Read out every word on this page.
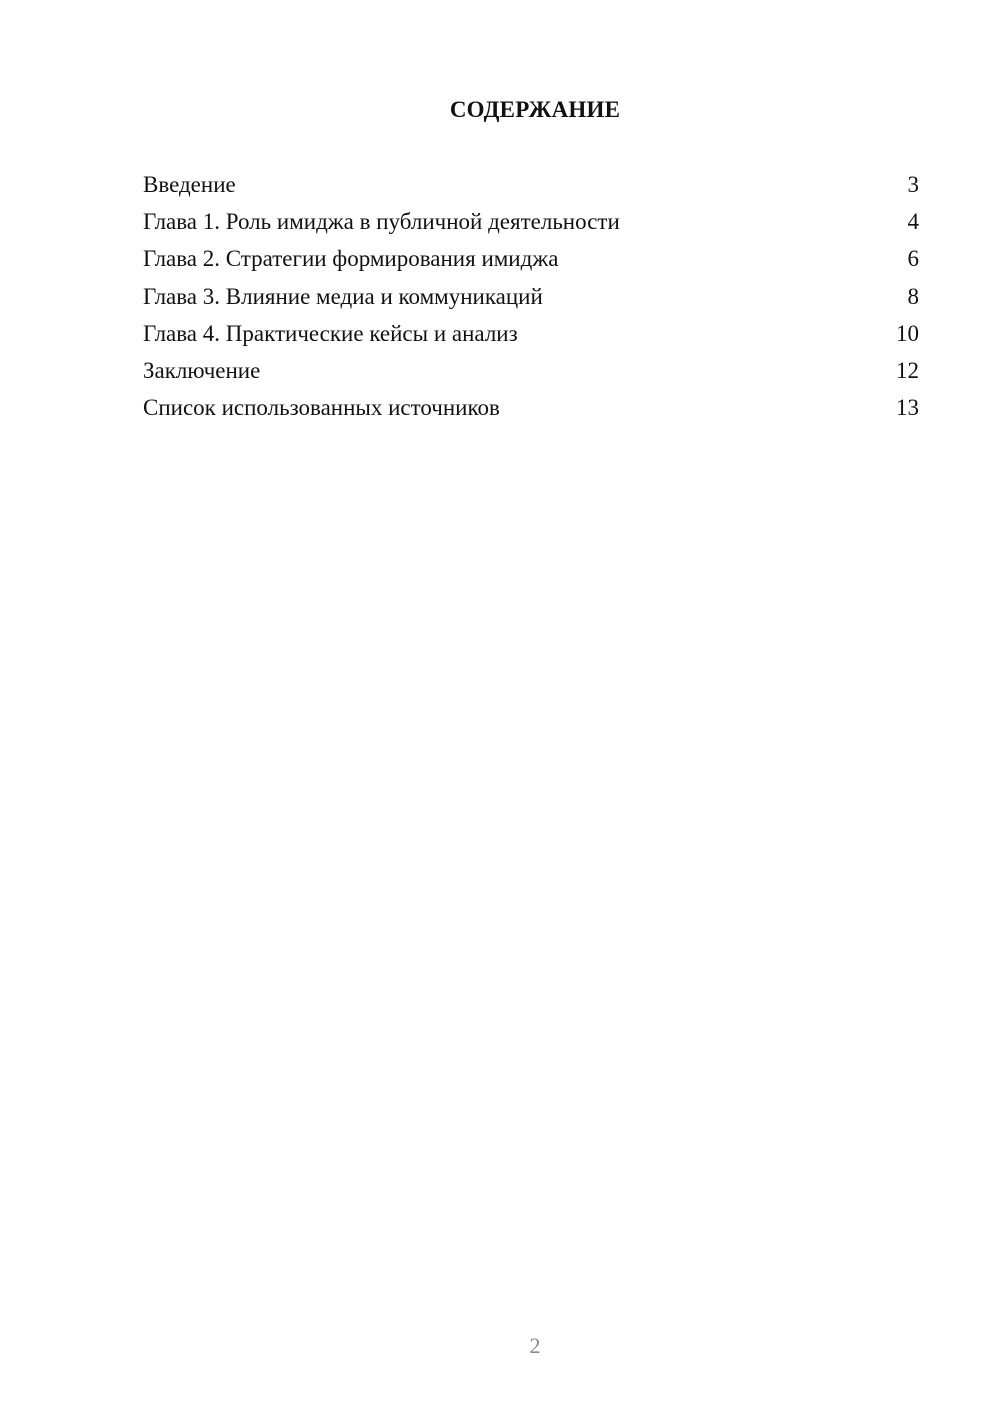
СОДЕРЖАНИЕ
Введение	3
Глава 1. Роль имиджа в публичной деятельности	4
Глава 2. Стратегии формирования имиджа	6
Глава 3. Влияние медиа и коммуникаций	8
Глава 4. Практические кейсы и анализ	10
Заключение	12
Список использованных источников	13
2
